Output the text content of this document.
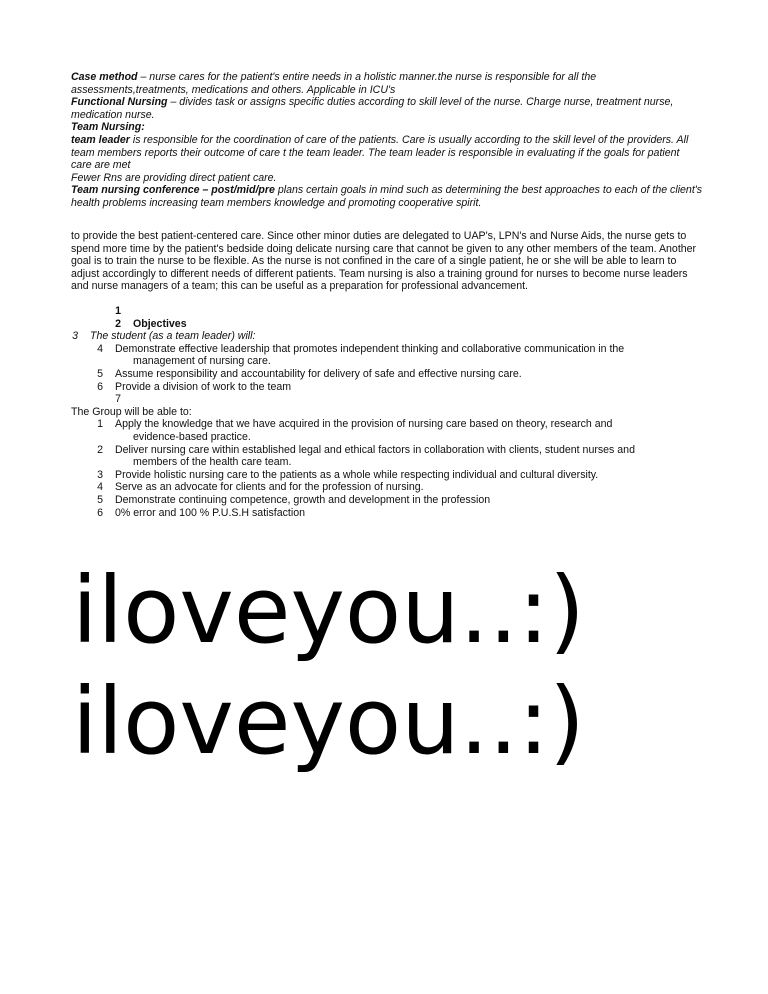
Case method – nurse cares for the patient's entire needs in a holistic manner.the nurse is responsible for all the assessments,treatments, medications and others. Applicable in ICU's

Functional Nursing – divides task or assigns specific duties according to skill level of the nurse. Charge nurse, treatment nurse, medication nurse.

Team Nursing:

team leader is responsible for the coordination of care of the patients. Care is usually according to the skill level of the providers. All team members reports their outcome of care t the team leader. The team leader is responsible in evaluating if the goals for patient care are met

Fewer Rns are providing direct patient care.

Team nursing conference – post/mid/pre plans certain goals in mind such as determining the best approaches to each of the client's health problems increasing team members knowledge and promoting cooperative spirit.

to provide the best patient-centered care. Since other minor duties are delegated to UAP's, LPN's and Nurse Aids, the nurse gets to spend more time by the patient's bedside doing delicate nursing care that cannot be given to any other members of the team. Another goal is to train the nurse to be flexible. As the nurse is not confined in the care of a single patient, he or she will be able to learn to adjust accordingly to different needs of different patients. Team nursing is also a training ground for nurses to become nurse leaders and nurse managers of a team; this can be useful as a preparation for professional advancement.

1
2 Objectives
3 The student (as a team leader) will:
4 Demonstrate effective leadership that promotes independent thinking and collaborative communication in the
management of nursing care.
5 Assume responsibility and accountability for delivery of safe and effective nursing care.
6 Provide a division of work to the team
7
The Group will be able to:
1 Apply the knowledge that we have acquired in the provision of nursing care based on theory, research and
evidence-based practice.
2 Deliver nursing care within established legal and ethical factors in collaboration with clients, student nurses and
members of the health care team.
3 Provide holistic nursing care to the patients as a whole while respecting individual and cultural diversity.
4 Serve as an advocate for clients and for the profession of nursing.
5 Demonstrate continuing competence, growth and development in the profession
6 0% error and 100 % P.U.S.H satisfaction
iloveyou..:)
iloveyou..:)
